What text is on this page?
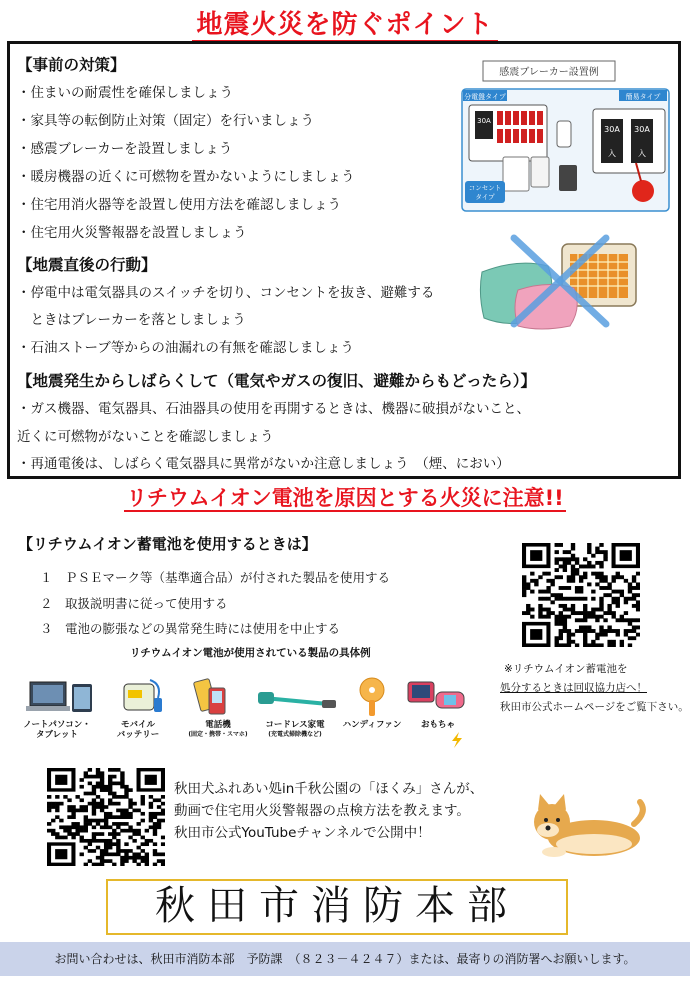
地震火災を防ぐポイント
【事前の対策】
・住まいの耐震性を確保しましょう
・家具等の転倒防止対策（固定）を行いましょう
・感震ブレーカーを設置しましょう
・暖房機器の近くに可燃物を置かないようにしましょう
・住宅用消火器等を設置し使用方法を確認しましょう
・住宅用火災警報器を設置しましょう
感震ブレーカー設置例
分電盤タイプ
30A
コンセント
タイプ
簡易タイプ
30A
入
30A
入
【地震直後の行動】
・停電中は電気器具のスイッチを切り、コンセントを抜き、避難する
　ときはブレーカーを落としましょう
・石油ストーブ等からの油漏れの有無を確認しましょう
【地震発生からしばらくして（電気やガスの復旧、避難からもどったら）】
・ガス機器、電気器具、石油器具の使用を再開するときは、機器に破損がないこと、
近くに可燃物がないことを確認しましょう
・再通電後は、しばらく電気器具に異常がないか注意しましょう　（煙、におい）
リチウムイオン電池を原因とする火災に注意!!
【リチウムイオン蓄電池を使用するときは】
１　ＰＳＥマーク等（基準適合品）が付された製品を使用する
２　取扱説明書に従って使用する
３　電池の膨張などの異常発生時には使用を中止する
リチウムイオン電池が使用されている製品の具体例
※リチウムイオン蓄電池を
処分するときは回収協力店へ！
秋田市公式ホームページをご覧下さい。
ノートパソコン・
タブレット
モバイル
バッテリー
電話機
(固定・携帯・スマホ)
コードレス家電
(充電式掃除機など)
ハンディファン	おもちゃ
秋田犬ふれあい処in千秋公園の「ほくみ」さんが、
動画で住宅用火災警報器の点検方法を教えます。
秋田市公式YouTubeチャンネルで公開中！
秋田市消防本部
お問い合わせは、秋田市消防本部　予防課　（８２３－４２４７）または、最寄りの消防署へお願いします。
